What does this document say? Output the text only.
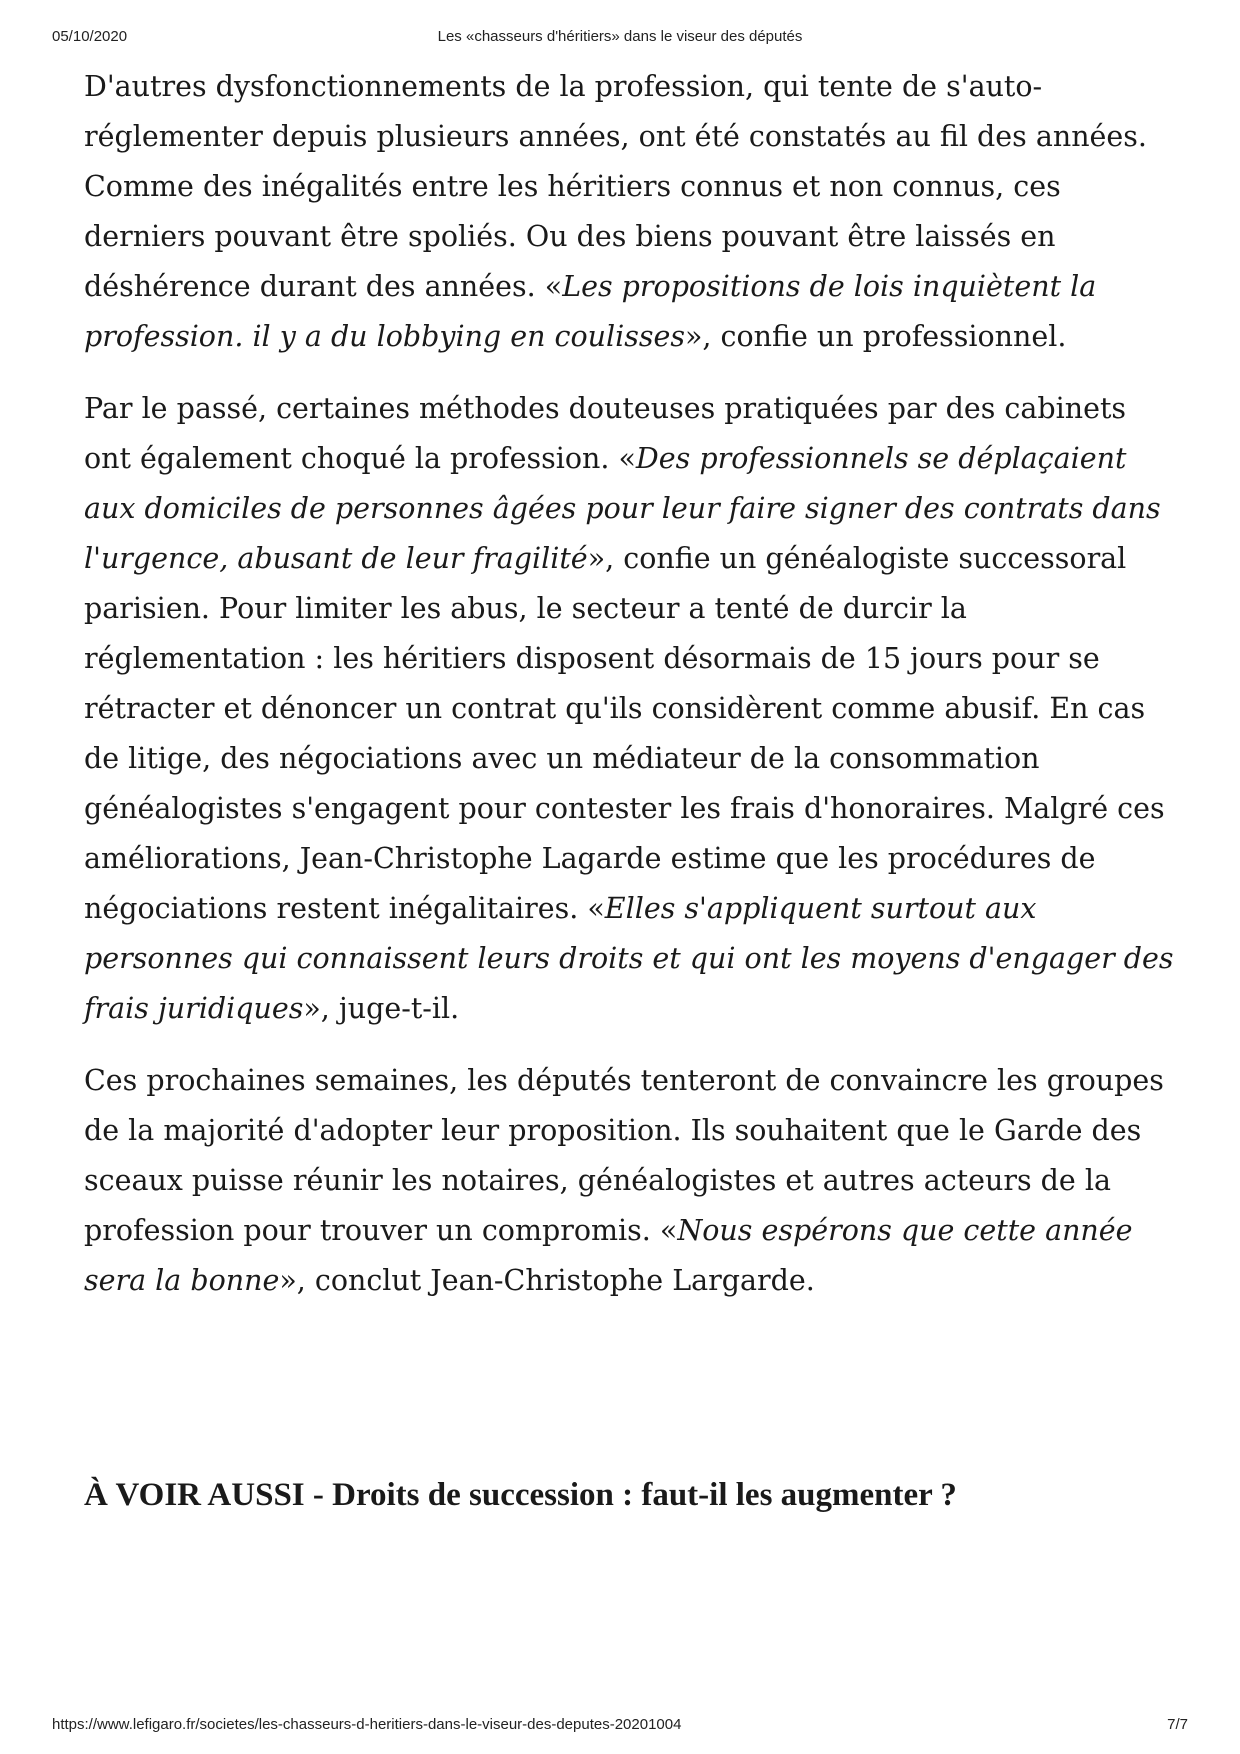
05/10/2020	Les «chasseurs d'héritiers» dans le viseur des députés

D'autres dysfonctionnements de la profession, qui tente de s'auto-réglementer depuis plusieurs années, ont été constatés au fil des années. Comme des inégalités entre les héritiers connus et non connus, ces derniers pouvant être spoliés. Ou des biens pouvant être laissés en déshérence durant des années. «Les propositions de lois inquiètent la profession. il y a du lobbying en coulisses», confie un professionnel.

Par le passé, certaines méthodes douteuses pratiquées par des cabinets ont également choqué la profession. «Des professionnels se déplaçaient aux domiciles de personnes âgées pour leur faire signer des contrats dans l'urgence, abusant de leur fragilité», confie un généalogiste successoral parisien. Pour limiter les abus, le secteur a tenté de durcir la réglementation : les héritiers disposent désormais de 15 jours pour se rétracter et dénoncer un contrat qu'ils considèrent comme abusif. En cas de litige, des négociations avec un médiateur de la consommation généalogistes s'engagent pour contester les frais d'honoraires. Malgré ces améliorations, Jean-Christophe Lagarde estime que les procédures de négociations restent inégalitaires. «Elles s'appliquent surtout aux personnes qui connaissent leurs droits et qui ont les moyens d'engager des frais juridiques», juge-t-il.

Ces prochaines semaines, les députés tenteront de convaincre les groupes de la majorité d'adopter leur proposition. Ils souhaitent que le Garde des sceaux puisse réunir les notaires, généalogistes et autres acteurs de la profession pour trouver un compromis. «Nous espérons que cette année sera la bonne», conclut Jean-Christophe Largarde.

À VOIR AUSSI - Droits de succession : faut-il les augmenter ?
https://www.lefigaro.fr/societes/les-chasseurs-d-heritiers-dans-le-viseur-des-deputes-20201004	7/7
